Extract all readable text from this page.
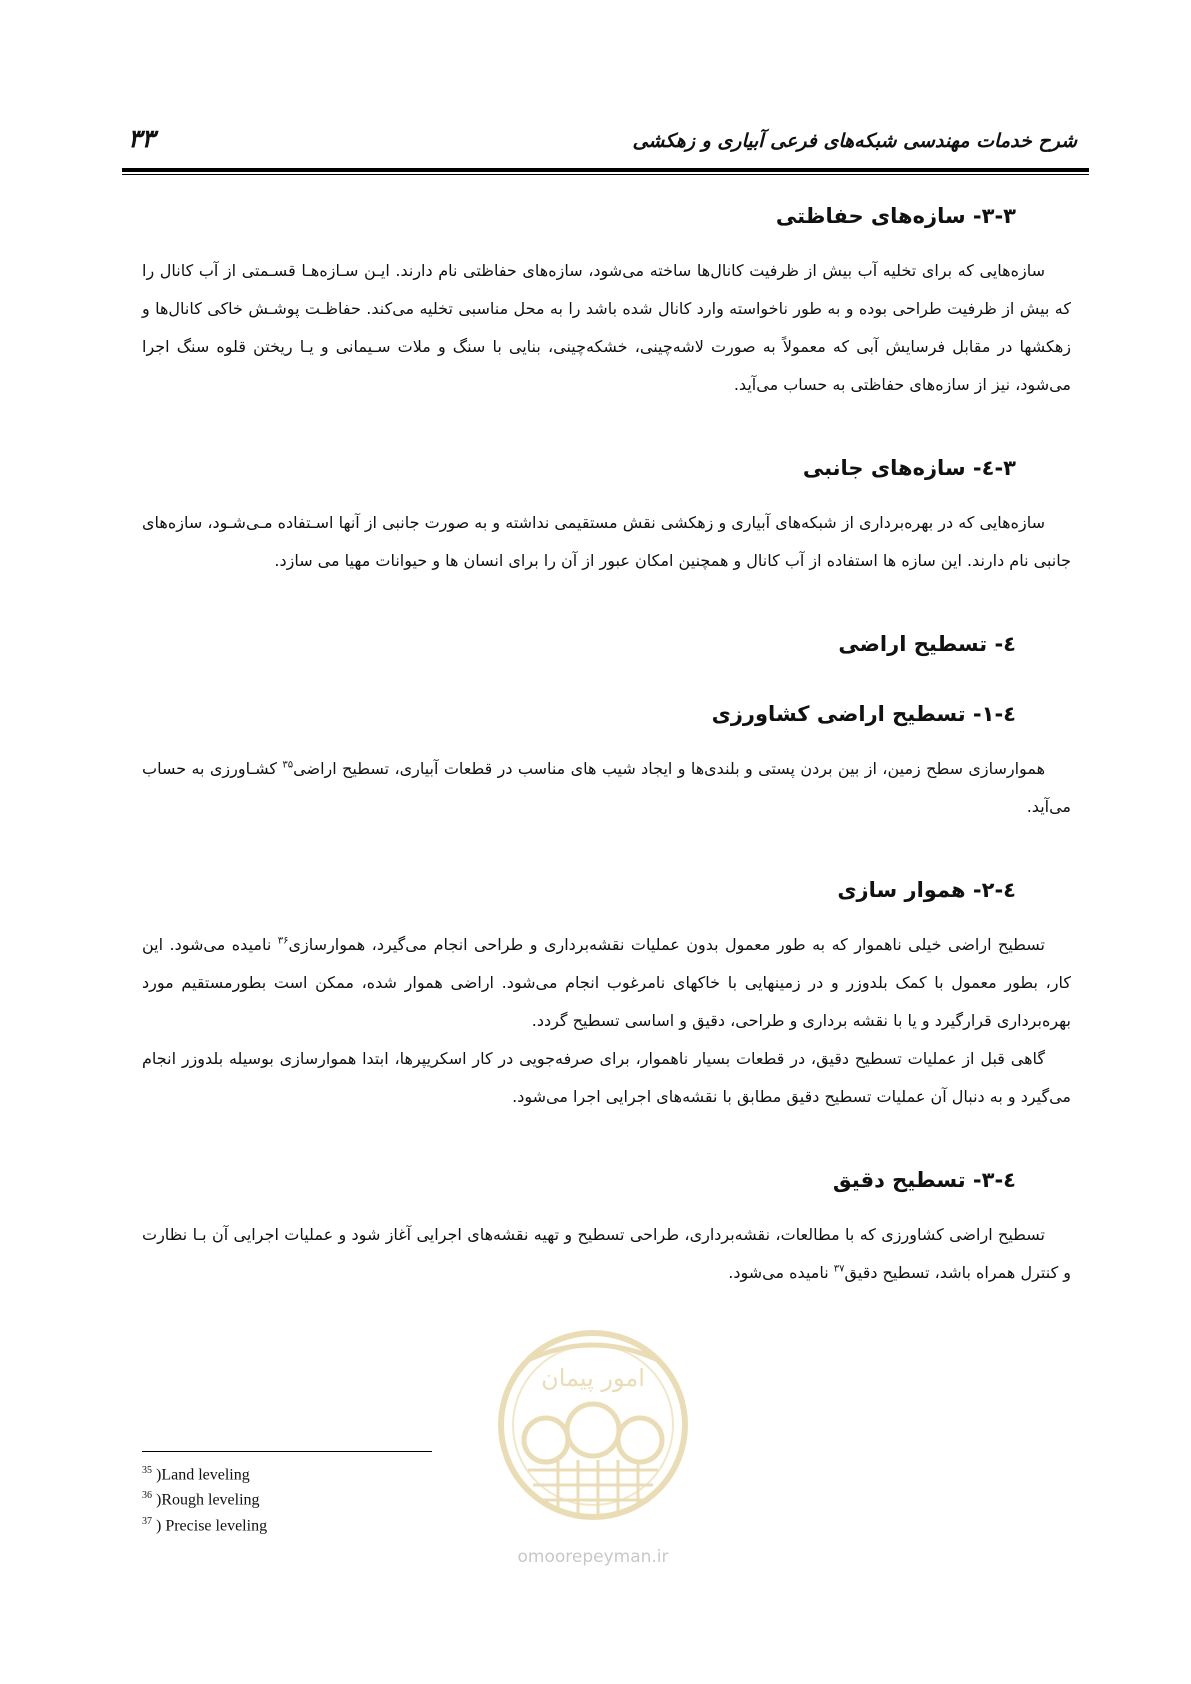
۳۳	شرح خدمات مهندسی شبکه‌های فرعی آبیاری و زهکشی
۳-۳- سازه‌های حفاظتی

سازه‌هایی که برای تخلیه آب بیش از ظرفیت کانال‌ها ساخته می‌شود، سازه‌های حفاظتی نام دارند. ایـن سـازه‌هـا قسـمتی از آب کانال را که بیش از ظرفیت طراحی بوده و به طور ناخواسته وارد کانال شده باشد را به محل مناسبی تخلیه می‌کند. حفاظـت پوشـش خاکی کانال‌ها و زهکشها در مقابل فرسایش آبی که معمولاً به صورت لاشه‌چینی، خشکه‌چینی، بنایی با سنگ و ملات سـیمانی و یـا ریختن قلوه سنگ اجرا می‌شود، نیز از سازه‌های حفاظتی به حساب می‌آید.

۳-٤- سازه‌های جانبی

سازه‌هایی که در بهره‌برداری از شبکه‌های آبیاری و زهکشی نقش مستقیمی نداشته و به صورت جانبی از آنها اسـتفاده مـی‌شـود، سازه‌های جانبی نام دارند. این سازه ها استفاده از آب کانال و همچنین امکان عبور از آن را برای انسان ها و حیوانات مهیا می سازد.

٤- تسطیح اراضی
٤-۱- تسطیح اراضی کشاورزی

هموارسازی سطح زمین، از بین بردن پستی و بلندی‌ها و ایجاد شیب های مناسب در قطعات آبیاری، تسطیح اراضی$^{۳۵}$ کشـاورزی به حساب می‌آید.

٤-۲- هموار سازی

تسطیح اراضی خیلی ناهموار که به طور معمول بدون عملیات نقشه‌برداری و طراحی انجام می‌گیرد، هموارسازی$^{۳۶}$ نامیده می‌شود. این کار، بطور معمول با کمک بلدوزر و در زمینهایی با خاکهای نامرغوب انجام می‌شود. اراضی هموار شده، ممکن است بطورمستقیم مورد بهره‌برداری قرارگیرد و یا با نقشه برداری و طراحی، دقیق و اساسی تسطیح گردد.

گاهی قبل از عملیات تسطیح دقیق، در قطعات بسیار ناهموار، برای صرفه‌جویی در کار اسکریپرها، ابتدا هموارسازی بوسیله بلدوزر انجام می‌گیرد و به دنبال آن عملیات تسطیح دقیق مطابق با نقشه‌های اجرایی اجرا می‌شود.

٤-۳- تسطیح دقیق

تسطیح اراضی کشاورزی که با مطالعات، نقشه‌برداری، طراحی تسطیح و تهیه نقشه‌های اجرایی آغاز شود و عملیات اجرایی آن بـا نظارت و کنترل همراه باشد، تسطیح دقیق$^{۳۷}$ نامیده می‌شود.

امور پیمان
omoorepeyman.ir
$^{35}$ )Land leveling
$^{36}$ )Rough leveling
$^{37}$ ) Precise leveling
